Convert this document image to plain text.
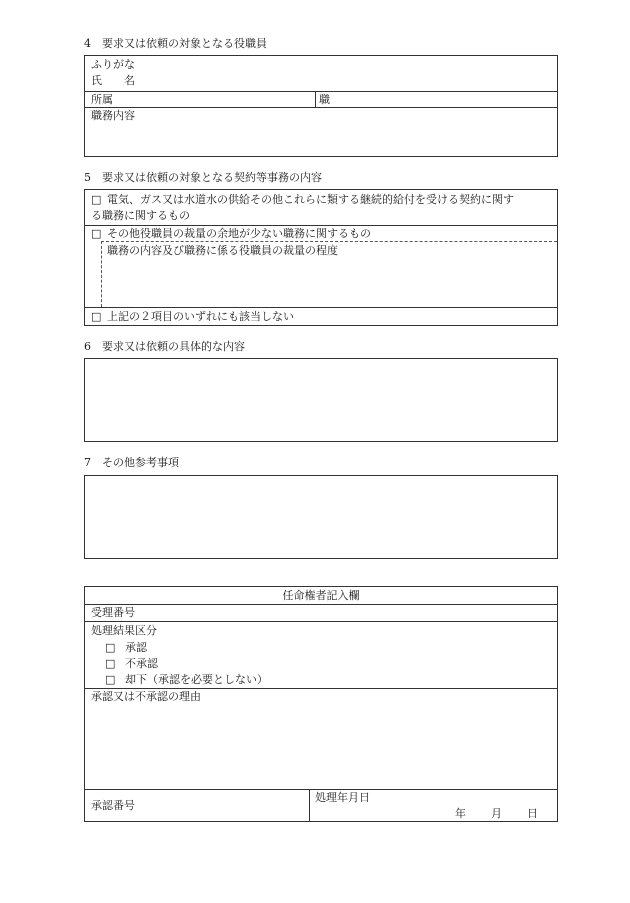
4　要求又は依頼の対象となる役職員
ふりがな
氏　　名
所属	職
職務内容
5　要求又は依頼の対象となる契約等事務の内容
□ 電気、ガス又は水道水の供給その他これらに類する継続的給付を受ける契約に関す
る職務に関するもの
□ その他役職員の裁量の余地が少ない職務に関するもの
職務の内容及び職務に係る役職員の裁量の程度
□ 上記の２項目のいずれにも該当しない
6　要求又は依頼の具体的な内容
7　その他参考事項
任命権者記入欄
受理番号
処理結果区分
□ 承認
□ 不承認
□ 却下（承認を必要としない）
承認又は不承認の理由
承認番号
処理年月日
年 月 日
